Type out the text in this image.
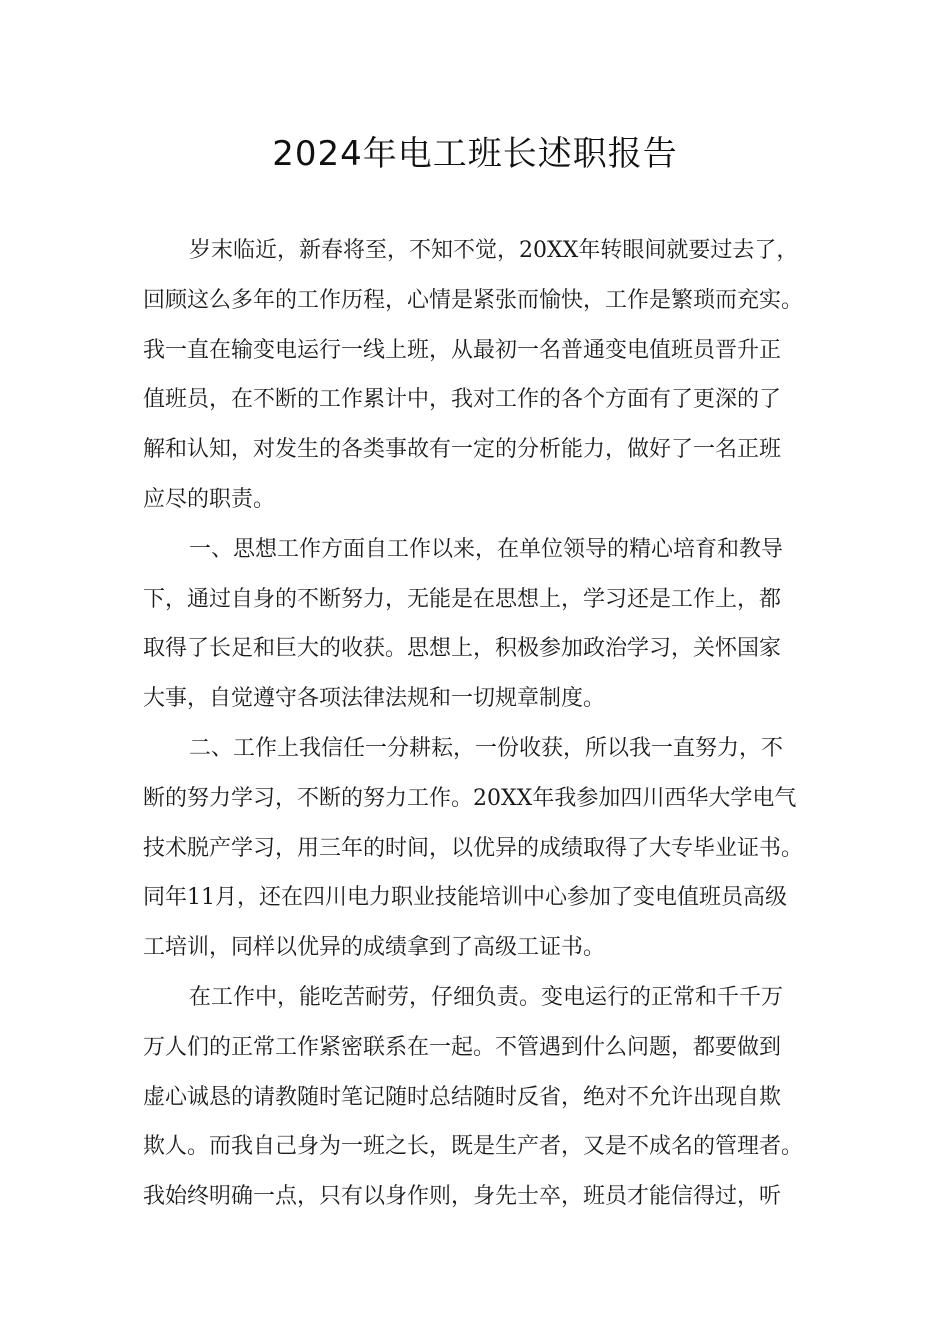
2024年电工班长述职报告
岁末临近，新春将至，不知不觉，20XX年转眼间就要过去了，
回顾这么多年的工作历程，心情是紧张而愉快，工作是繁琐而充实。
我一直在输变电运行一线上班，从最初一名普通变电值班员晋升正
值班员，在不断的工作累计中，我对工作的各个方面有了更深的了
解和认知，对发生的各类事故有一定的分析能力，做好了一名正班
应尽的职责。
一、思想工作方面自工作以来，在单位领导的精心培育和教导
下，通过自身的不断努力，无能是在思想上，学习还是工作上，都
取得了长足和巨大的收获。思想上，积极参加政治学习，关怀国家
大事，自觉遵守各项法律法规和一切规章制度。
二、工作上我信任一分耕耘，一份收获，所以我一直努力，不
断的努力学习，不断的努力工作。20XX年我参加四川西华大学电气
技术脱产学习，用三年的时间，以优异的成绩取得了大专毕业证书。
同年11月，还在四川电力职业技能培训中心参加了变电值班员高级
工培训，同样以优异的成绩拿到了高级工证书。
在工作中，能吃苦耐劳，仔细负责。变电运行的正常和千千万
万人们的正常工作紧密联系在一起。不管遇到什么问题，都要做到
虚心诚恳的请教随时笔记随时总结随时反省，绝对不允许出现自欺
欺人。而我自己身为一班之长，既是生产者，又是不成名的管理者。
我始终明确一点，只有以身作则，身先士卒，班员才能信得过，听
